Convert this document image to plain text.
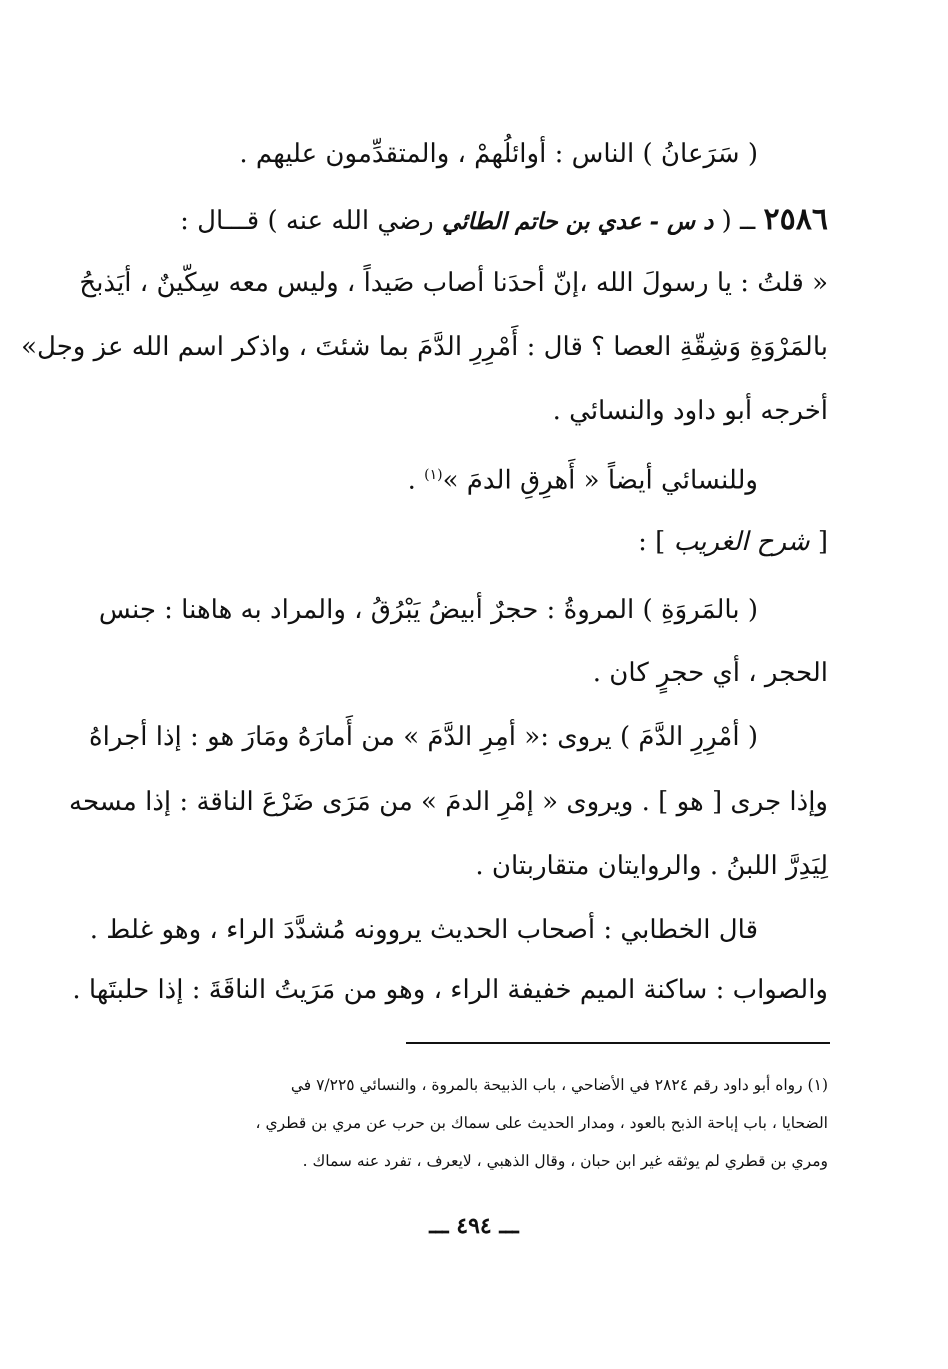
( سَرَعانُ ) الناس : أوائلُهمْ ، والمتقدِّمون عليهم .
٢٥٨٦ ــ ( د س - عدي بن حاتم الطائي رضي الله عنه ) قـــال :
« قلتُ : يا رسولَ الله ،إنّ أحدَنا أصاب صَيداً ، وليس معه سِكّينٌ ، أيَذبحُ
بالمَرْوَةِ وَشِقّةِ العصا ؟ قال : أَمْرِرِ الدَّمَ بما شئتَ ، واذكر اسم الله عز وجل»
أخرجه أبو داود والنسائي .
وللنسائي أيضاً « أَهرِقِ الدمَ »$^{(١)}$ .
[ شرح الغريب ] :
( بالمَروَةِ ) المروةُ : حجرٌ أبيضُ يَبْرُقُ ، والمراد به هاهنا : جنس
الحجر ، أي حجرٍ كان .
( أمْرِرِ الدَّمَ ) يروى :« أمِرِ الدَّمَ » من أَمارَهُ ومَارَ هو : إذا أجراهُ
وإذا جرى [ هو ] . ويروى « إمْرِ الدمَ » من مَرَى ضَرْعَ الناقة : إذا مسحه
لِيَدِرَّ اللبنُ . والروايتان متقاربتان .
قال الخطابي : أصحاب الحديث يروونه مُشدَّدَ الراء ، وهو غلط .
والصواب : ساكنة الميم خفيفة الراء ، وهو من مَرَيتُ الناقَةَ : إذا حلبتَها .
(١) رواه أبو داود رقم ٢٨٢٤ في الأضاحي ، باب الذبيحة بالمروة ، والنسائي ٧/٢٢٥ في
الضحايا ، باب إباحة الذبح بالعود ، ومدار الحديث على سماك بن حرب عن مري بن قطري ،
ومري بن قطري لم يوثقه غير ابن حبان ، وقال الذهبي ، لايعرف ، تفرد عنه سماك .
ـــ ٤٩٤ ـــ
